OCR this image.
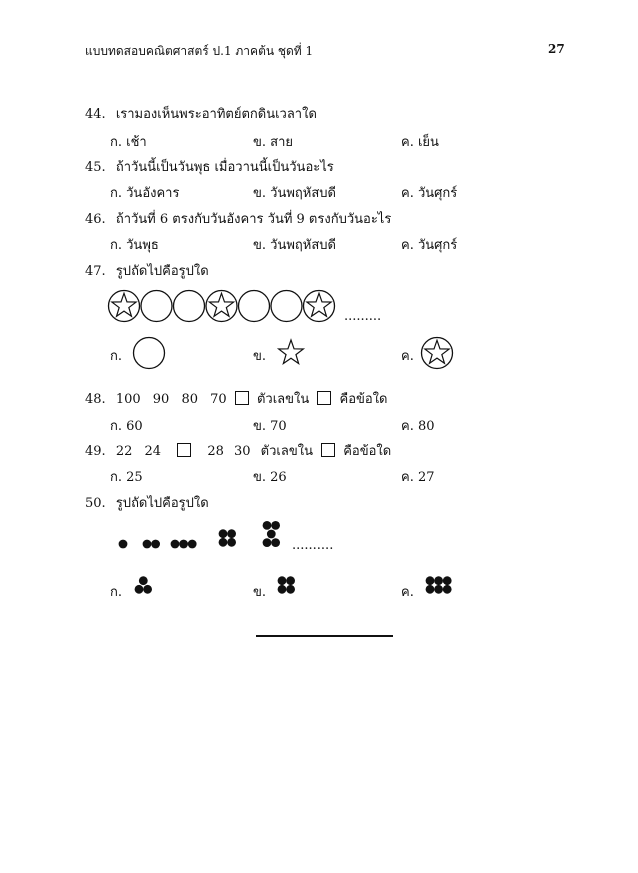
แบบทดสอบคณิตศาสตร์ ป.1 ภาคต้น ชุดที่ 1	27
44. เรามองเห็นพระอาทิตย์ตกดินเวลาใด
ก. เช้า	ข. สาย	ค. เย็น
45. ถ้าวันนี้เป็นวันพุธ เมื่อวานนี้เป็นวันอะไร
ก. วันอังคาร	ข. วันพฤหัสบดี	ค. วันศุกร์
46. ถ้าวันที่ 6 ตรงกับวันอังคาร วันที่ 9 ตรงกับวันอะไร
ก. วันพุธ	ข. วันพฤหัสบดี	ค. วันศุกร์
47. รูปถัดไปคือรูปใด
.........
ก.	ข.	ค.
48. 100 90 80 70 ตัวเลขใน คือข้อใด
ก. 60	ข. 70	ค. 80
49. 22 24	28 30 ตัวเลขใน คือข้อใด
ก. 25	ข. 26	ค. 27
50. รูปถัดไปคือรูปใด
..........
ก.	ข.	ค.
